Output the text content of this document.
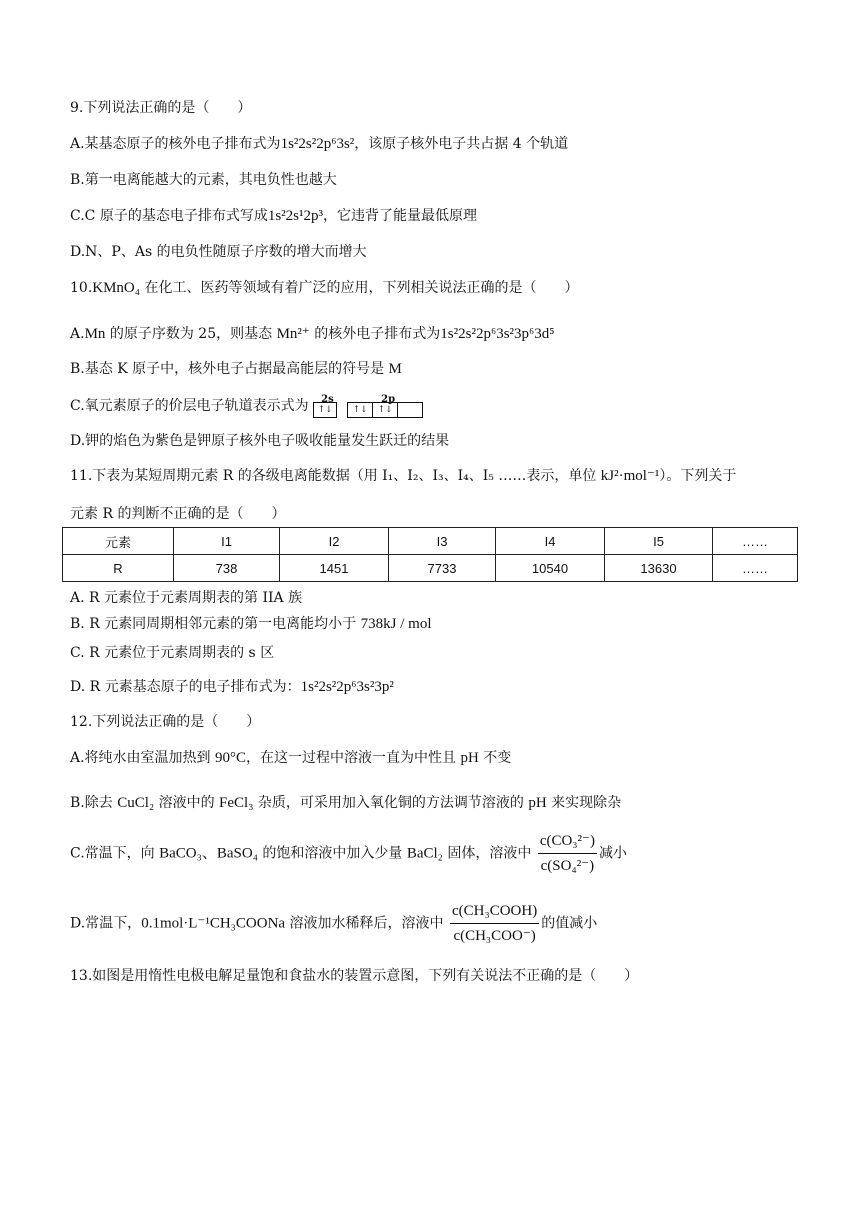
9.下列说法正确的是（　　）
A.某基态原子的核外电子排布式为1s²2s²2p⁶3s²，该原子核外电子共占据 4 个轨道
B.第一电离能越大的元素，其电负性也越大
C.C 原子的基态电子排布式写成1s²2s¹2p³，它违背了能量最低原理
D.N、P、As 的电负性随原子序数的增大而增大
10.KMnO₄ 在化工、医药等领域有着广泛的应用，下列相关说法正确的是（　　）
A.Mn 的原子序数为 25，则基态 Mn²⁺ 的核外电子排布式为1s²2s²2p⁶3s²3p⁶3d⁵
B.基态 K 原子中，核外电子占据最高能层的符号是 M
C.氧元素原子的价层电子轨道表示式为 2s
↑↓
2p
↑↓	↑↓
D.钾的焰色为紫色是钾原子核外电子吸收能量发生跃迁的结果
11.下表为某短周期元素 R 的各级电离能数据（用 I₁、I₂、I₃、I₄、I₅ ……表示，单位 kJ²·mol⁻¹）。下列关于
元素 R 的判断不正确的是（　　）
元素	I1	I2	I3	I4	I5	……
R	738	1451	7733	10540	13630	……
A. R 元素位于元素周期表的第 IIA 族
B. R 元素同周期相邻元素的第一电离能均小于 738kJ / mol
C. R 元素位于元素周期表的 s 区
D. R 元素基态原子的电子排布式为：1s²2s²2p⁶3s²3p²
12.下列说法正确的是（　　）
A.将纯水由室温加热到 90°C，在这一过程中溶液一直为中性且 pH 不变
B.除去 CuCl₂ 溶液中的 FeCl₃ 杂质，可采用加入氧化铜的方法调节溶液的 pH 来实现除杂
C.常温下，向 BaCO₃、BaSO₄ 的饱和溶液中加入少量 BaCl₂ 固体，溶液中 $\frac{\text{c(CO₃²⁻)}}{\text{c(SO₄²⁻)}}$ 减小
D.常温下，0.1mol·L⁻¹CH₃COONa 溶液加水稀释后，溶液中 $\frac{\text{c(CH₃COOH)}}{\text{c(CH₃COO⁻)}}$ 的值减小
13.如图是用惰性电极电解足量饱和食盐水的装置示意图，下列有关说法不正确的是（　　）
